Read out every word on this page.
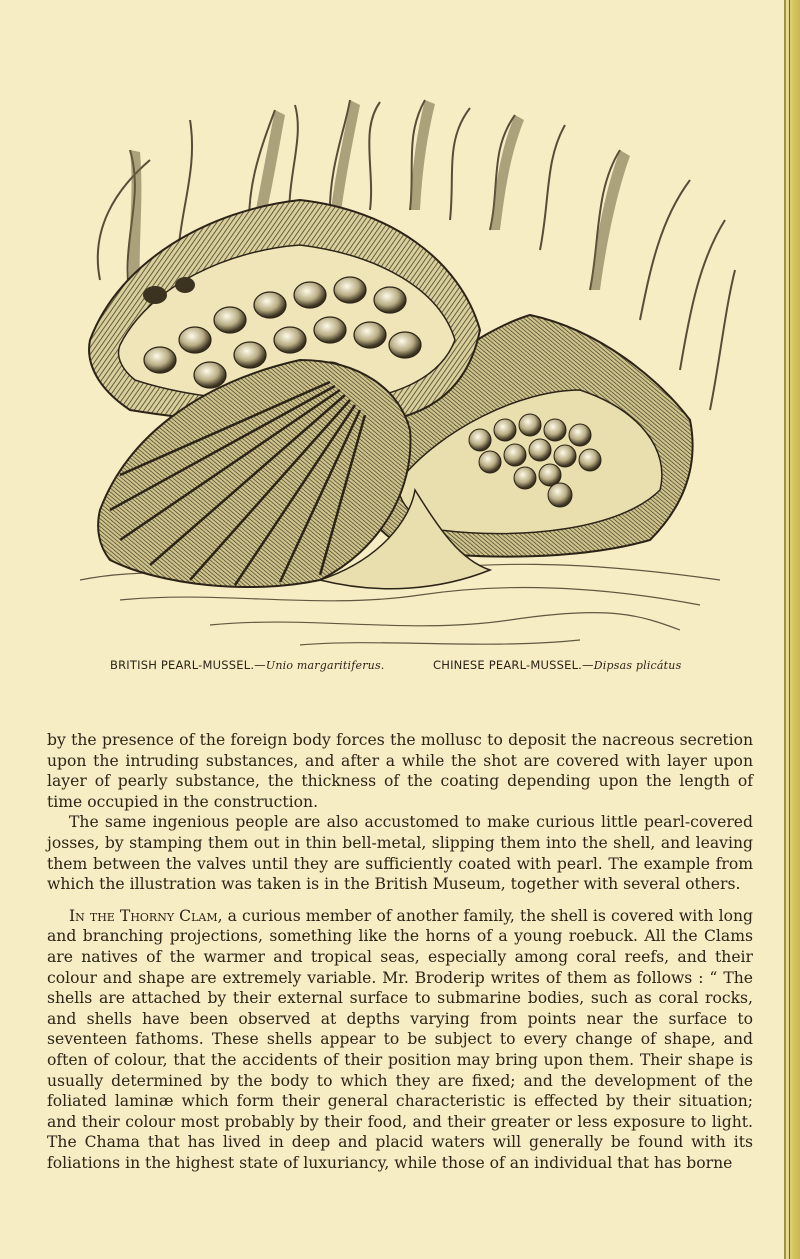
BRITISH PEARL-MUSSEL.—Unio margaritiferus.	CHINESE PEARL-MUSSEL.—Dipsas plicátus

by the presence of the foreign body forces the mollusc to deposit the nacreous secretion upon the intruding substances, and after a while the shot are covered with layer upon layer of pearly substance, the thickness of the coating depending upon the length of time occupied in the construction.

The same ingenious people are also accustomed to make curious little pearl-covered josses, by stamping them out in thin bell-metal, slipping them into the shell, and leaving them between the valves until they are sufficiently coated with pearl. The example from which the illustration was taken is in the British Museum, together with several others.

In the Thorny Clam, a curious member of another family, the shell is covered with long and branching projections, something like the horns of a young roebuck. All the Clams are natives of the warmer and tropical seas, especially among coral reefs, and their colour and shape are extremely variable. Mr. Broderip writes of them as follows : “ The shells are attached by their external surface to submarine bodies, such as coral rocks, and shells have been observed at depths varying from points near the surface to seventeen fathoms. These shells appear to be subject to every change of shape, and often of colour, that the accidents of their position may bring upon them. Their shape is usually determined by the body to which they are fixed; and the development of the foliated laminæ which form their general characteristic is effected by their situation; and their colour most probably by their food, and their greater or less exposure to light. The Chama that has lived in deep and placid waters will generally be found with its foliations in the highest state of luxuriancy, while those of an individual that has borne
